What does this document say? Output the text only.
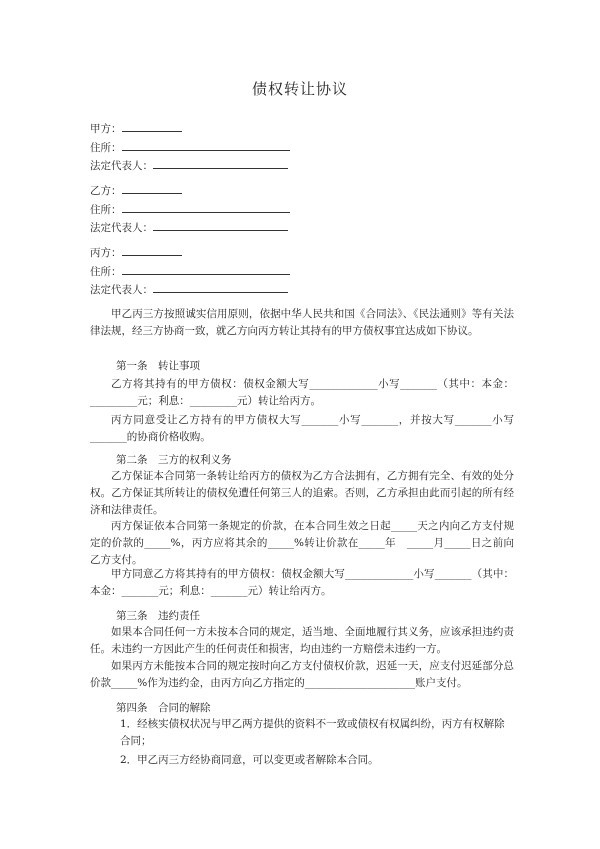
债权转让协议
甲方：
住所：
法定代表人：
乙方：
住所：
法定代表人：
丙方：
住所：
法定代表人：
甲乙丙三方按照诚实信用原则，依据中华人民共和国《合同法》、《民法通则》等有关法律法规，经三方协商一致，就乙方向丙方转让其持有的甲方债权事宜达成如下协议。
第一条　转让事项
乙方将其持有的甲方债权：债权金额大写_____________小写_______（其中：本金：_________元；利息：_________元）转让给丙方。
丙方同意受让乙方持有的甲方债权大写_______小写_______，并按大写_______小写_______的协商价格收购。
第二条　三方的权利义务
乙方保证本合同第一条转让给丙方的债权为乙方合法拥有，乙方拥有完全、有效的处分权。乙方保证其所转让的债权免遭任何第三人的追索。否则，乙方承担由此而引起的所有经济和法律责任。
丙方保证依本合同第一条规定的价款，在本合同生效之日起_____天之内向乙方支付规定的价款的_____%，丙方应将其余的_____%转让价款在_____年　_____月_____日之前向乙方支付。
甲方同意乙方将其持有的甲方债权：债权金额大写_____________小写_______（其中：本金：_______元；利息：_______元）转让给丙方。
第三条　违约责任
如果本合同任何一方未按本合同的规定，适当地、全面地履行其义务，应该承担违约责任。未违约一方因此产生的任何责任和损害，均由违约一方赔偿未违约一方。
如果丙方未能按本合同的规定按时向乙方支付债权价款，迟延一天，应支付迟延部分总价款_____%作为违约金，由丙方向乙方指定的_____________________账户支付。
第四条　合同的解除
1．经核实债权状况与甲乙两方提供的资料不一致或债权有权属纠纷，丙方有权解除合同；
2．甲乙丙三方经协商同意，可以变更或者解除本合同。
